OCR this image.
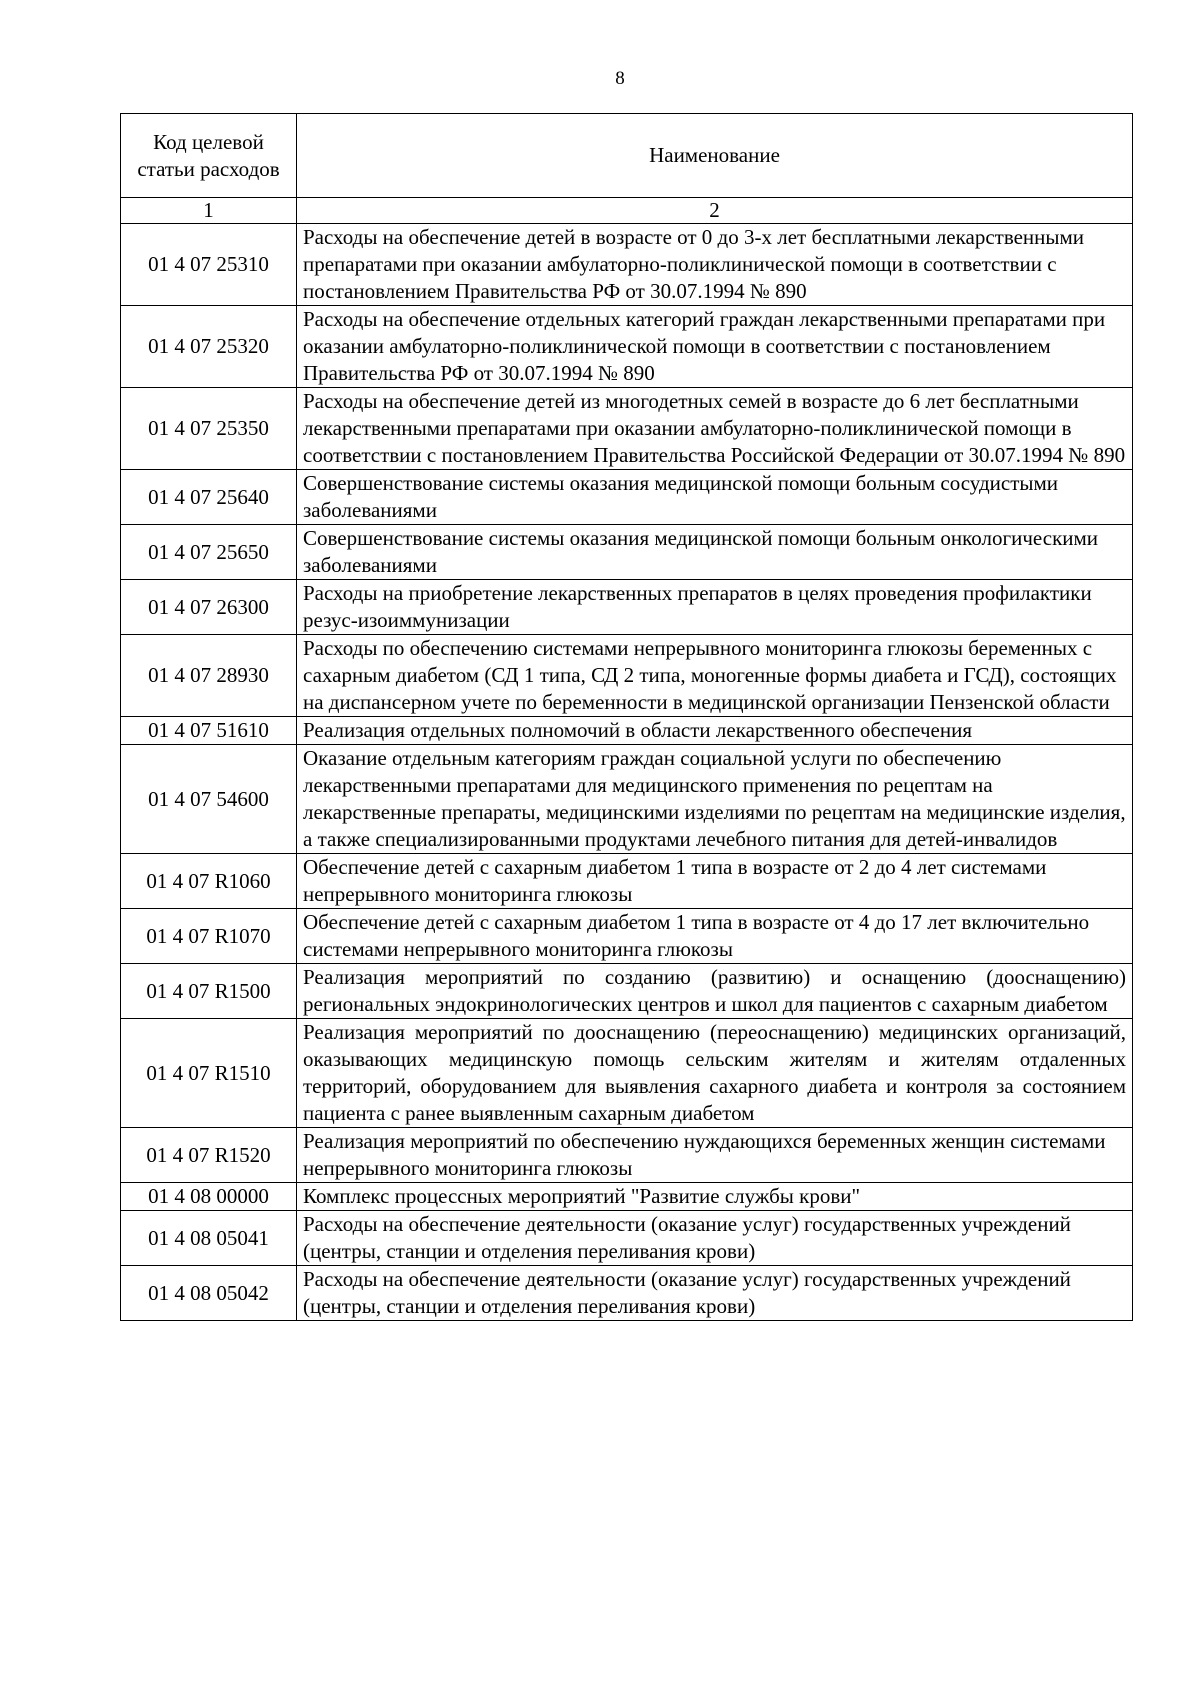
8
Код целевой статьи расходов	Наименование
1	2
01 4 07 25310	Расходы на обеспечение детей в возрасте от 0 до 3-х лет бесплатными лекарственными препаратами при оказании амбулаторно-поликлинической помощи в соответствии с постановлением Правительства РФ от 30.07.1994 № 890
01 4 07 25320	Расходы на обеспечение отдельных категорий граждан лекарственными препаратами при оказании амбулаторно-поликлинической помощи в соответствии с постановлением Правительства РФ от 30.07.1994 № 890
01 4 07 25350	Расходы на обеспечение детей из многодетных семей в возрасте до 6 лет бесплатными лекарственными препаратами при оказании амбулаторно-поликлинической помощи в соответствии с постановлением Правительства Российской Федерации от 30.07.1994 № 890
01 4 07 25640	Совершенствование системы оказания медицинской помощи больным сосудистыми заболеваниями
01 4 07 25650	Совершенствование системы оказания медицинской помощи больным онкологическими заболеваниями
01 4 07 26300	Расходы на приобретение лекарственных препаратов в целях проведения профилактики резус-изоиммунизации
01 4 07 28930	Расходы по обеспечению системами непрерывного мониторинга глюкозы беременных с сахарным диабетом (СД 1 типа, СД 2 типа, моногенные формы диабета и ГСД), состоящих на диспансерном учете по беременности в медицинской организации Пензенской области
01 4 07 51610	Реализация отдельных полномочий в области лекарственного обеспечения
01 4 07 54600	Оказание отдельным категориям граждан социальной услуги по обеспечению лекарственными препаратами для медицинского применения по рецептам на лекарственные препараты, медицинскими изделиями по рецептам на медицинские изделия, а также специализированными продуктами лечебного питания для детей-инвалидов
01 4 07 R1060	Обеспечение детей с сахарным диабетом 1 типа в возрасте от 2 до 4 лет системами непрерывного мониторинга глюкозы
01 4 07 R1070	Обеспечение детей с сахарным диабетом 1 типа в возрасте от 4 до 17 лет включительно системами непрерывного мониторинга глюкозы
01 4 07 R1500	Реализация мероприятий по созданию (развитию) и оснащению (дооснащению) региональных эндокринологических центров и школ для пациентов с сахарным диабетом
01 4 07 R1510	Реализация мероприятий по дооснащению (переоснащению) медицинских организаций, оказывающих медицинскую помощь сельским жителям и жителям отдаленных территорий, оборудованием для выявления сахарного диабета и контроля за состоянием пациента с ранее выявленным сахарным диабетом
01 4 07 R1520	Реализация мероприятий по обеспечению нуждающихся беременных женщин системами непрерывного мониторинга глюкозы
01 4 08 00000	Комплекс процессных мероприятий "Развитие службы крови"
01 4 08 05041	Расходы на обеспечение деятельности (оказание услуг) государственных учреждений (центры, станции и отделения переливания крови)
01 4 08 05042	Расходы на обеспечение деятельности (оказание услуг) государственных учреждений (центры, станции и отделения переливания крови)
